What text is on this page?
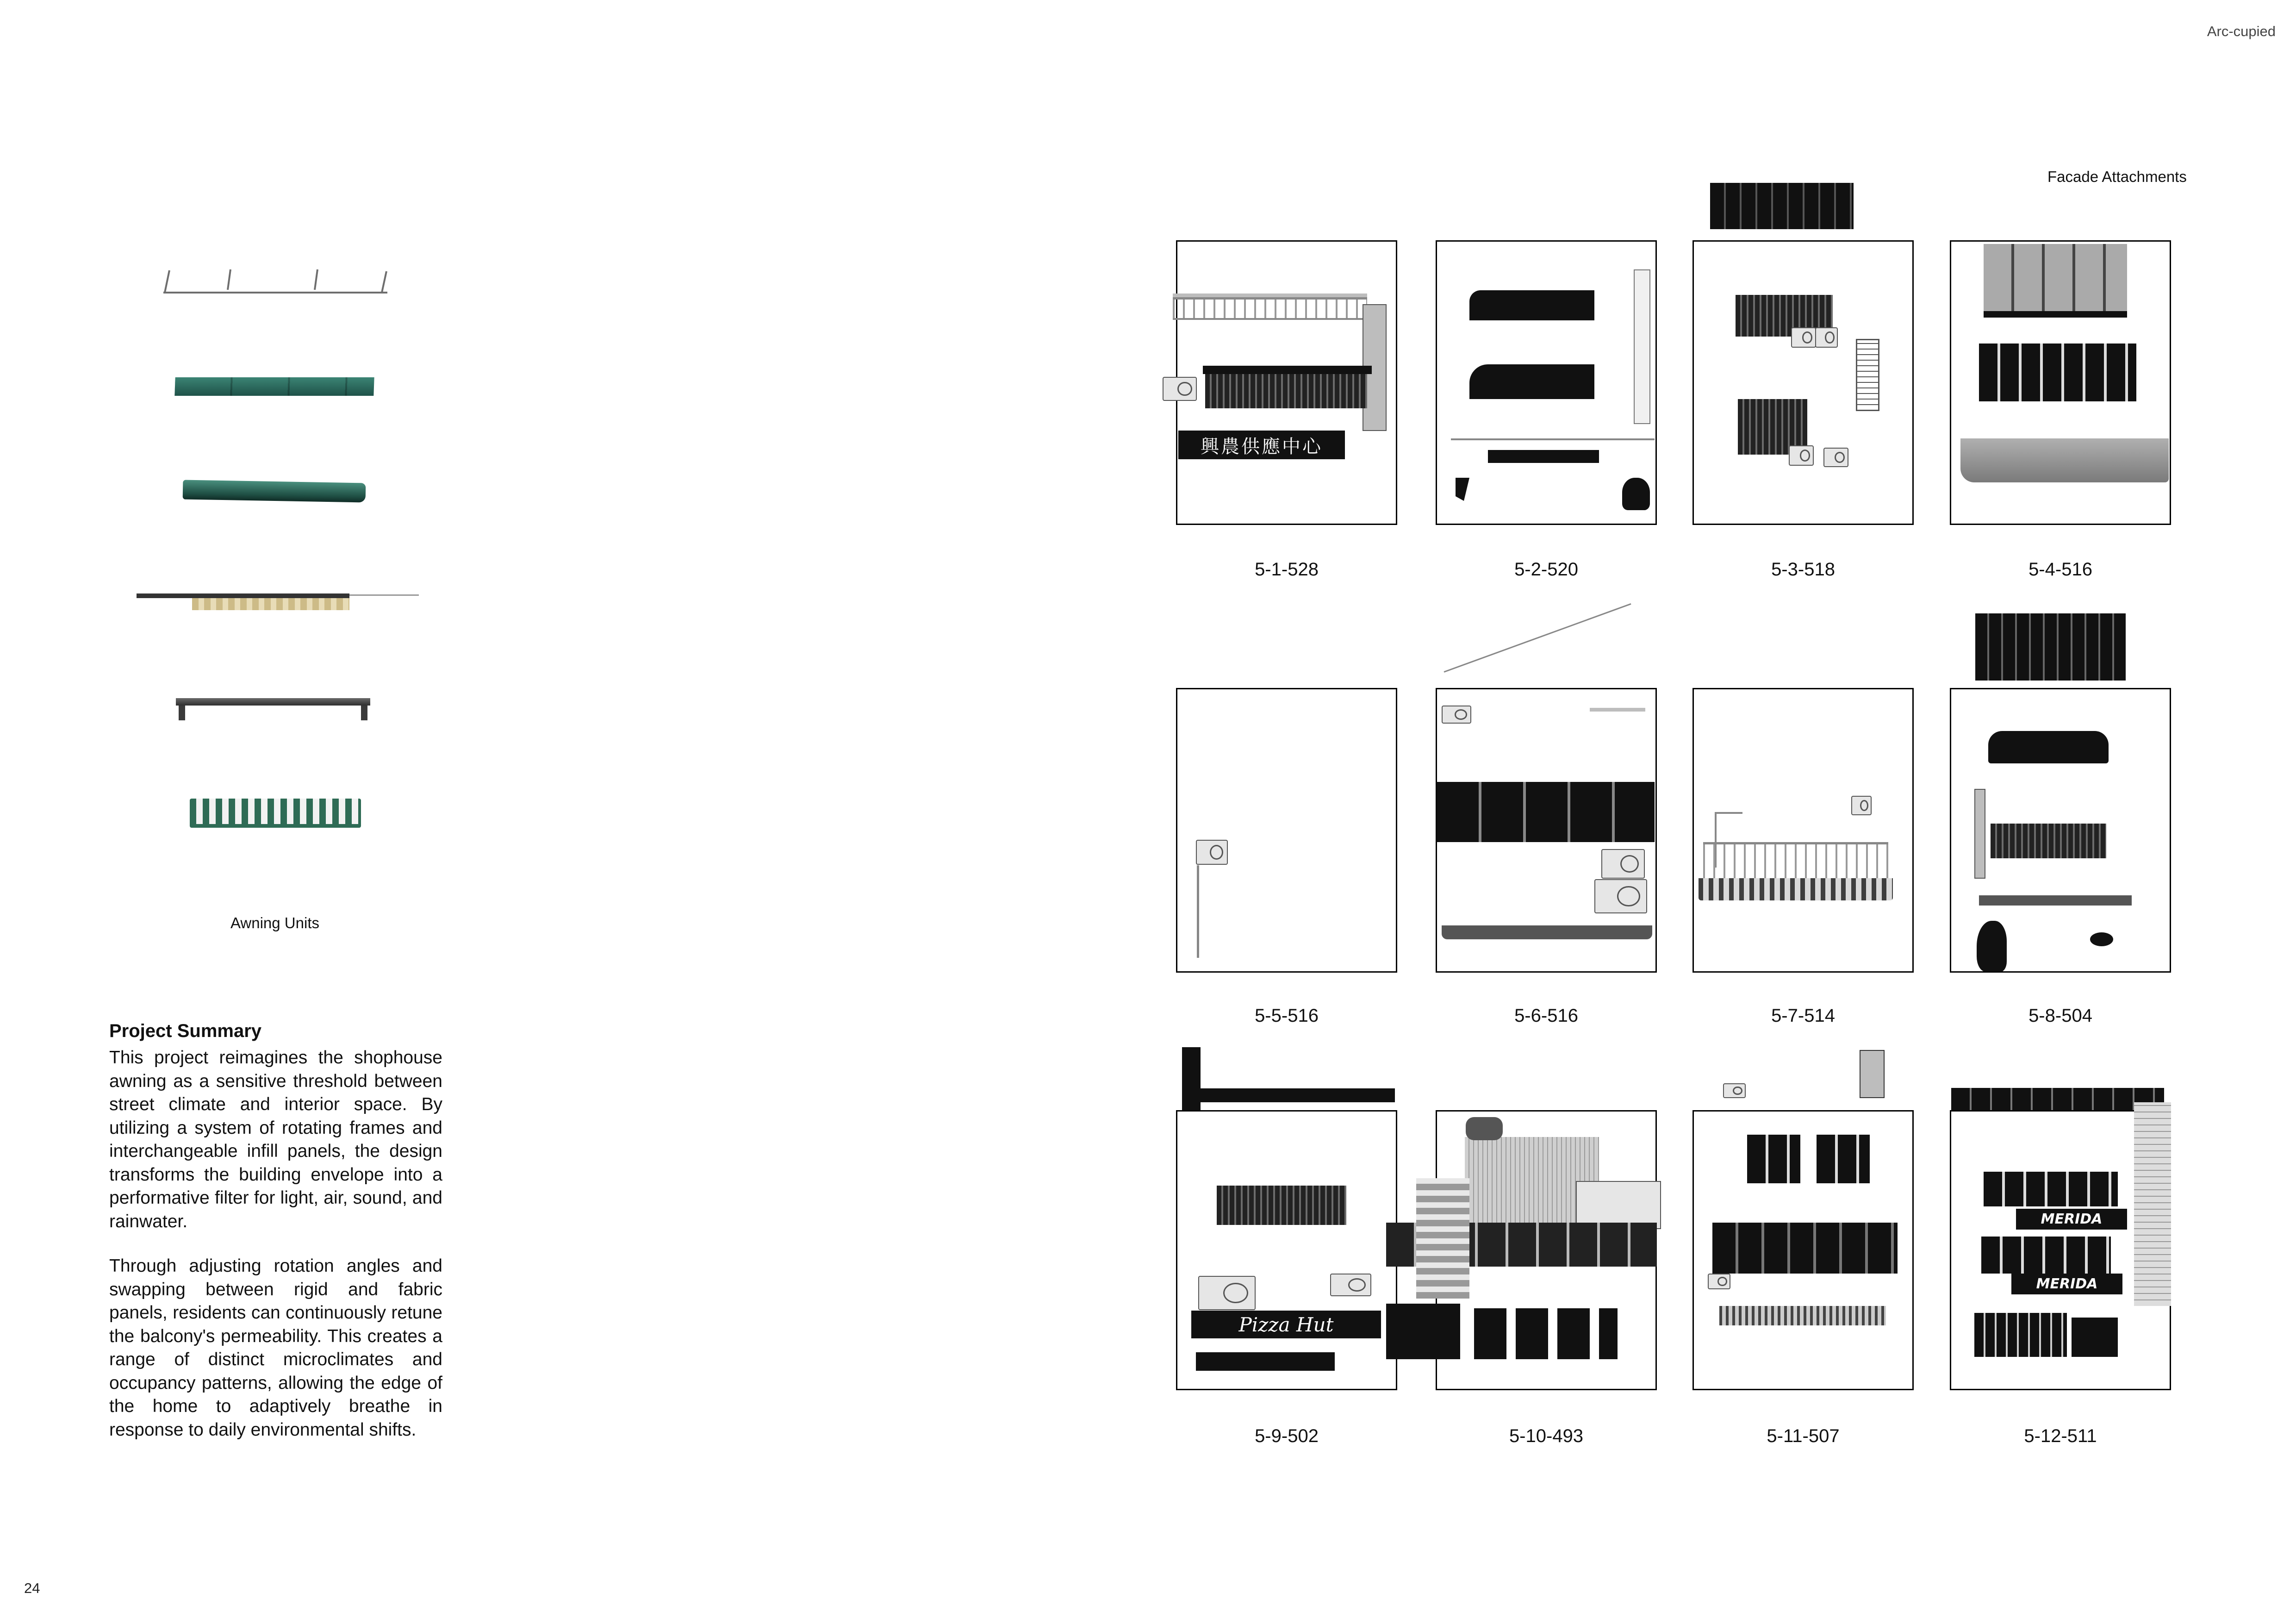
Arc-cupied
24
Awning Units
Project Summary

This project reimagines the shophouse awning as a sensitive threshold between street climate and interior space. By utilizing a system of rotating frames and interchangeable infill panels, the design transforms the building envelope into a performative filter for light, air, sound, and rainwater.

Through adjusting rotation angles and swapping between rigid and fabric panels, residents can continuously retune the balcony's permeability. This creates a range of distinct microclimates and occupancy patterns, allowing the edge of the home to adaptively breathe in response to daily environmental shifts.

Facade Attachments
興農供應中心
5-1-528	5-2-520	5-3-518	5-4-516
5-5-516	5-6-516	5-7-514	5-8-504
Pizza Hut
5-9-502	5-10-493	5-11-507
MERIDA
MERIDA
5-12-511
